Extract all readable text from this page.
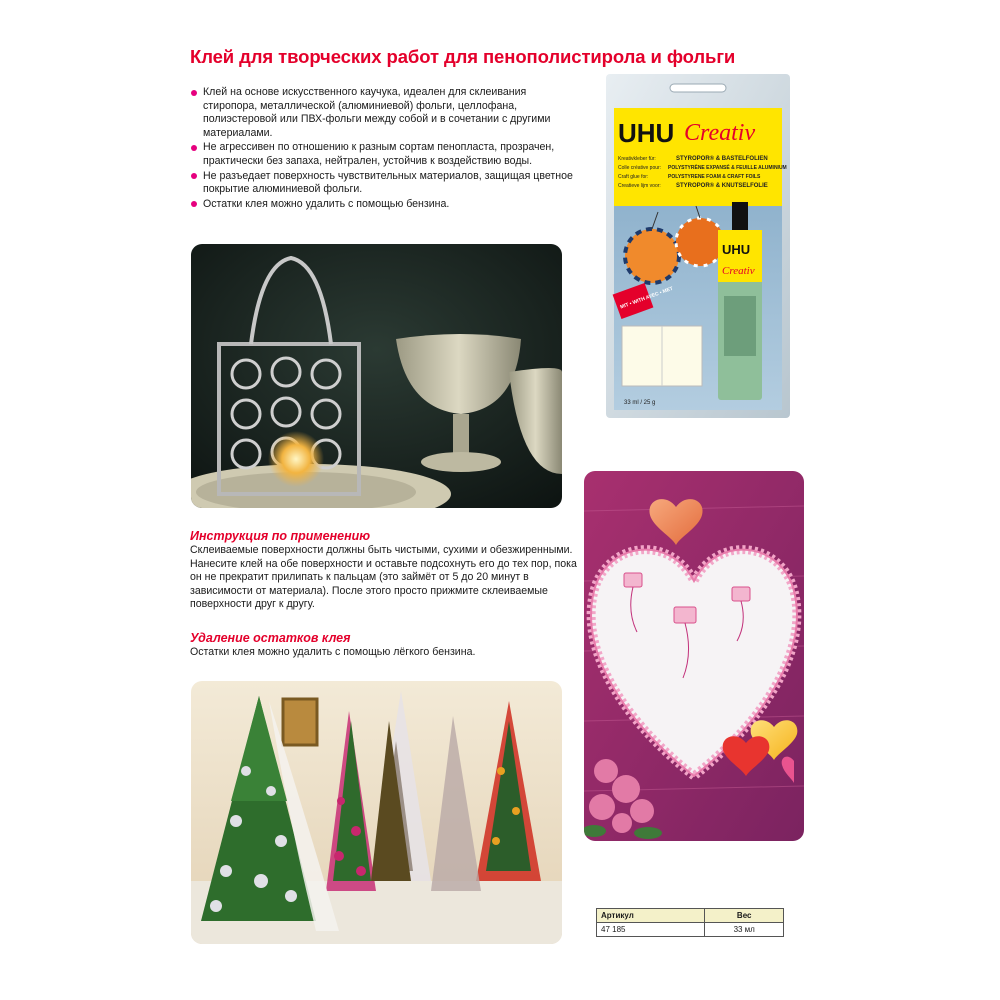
Клей для творческих работ для пенополистирола и фольги
Клей на основе искусственного каучука, идеален для склеивания стиропора, металлической (алюминиевой) фольги, целлофана, полиэстеровой или ПВХ-фольги между собой и в сочетании с другими материалами.
Не агрессивен по отношению к разным сортам пенопласта, прозрачен, практически без запаха, нейтрален, устойчив к воздействию воды.
Не разъедает поверхность чувствительных материалов, защищая цветное покрытие алюминиевой фольги.
Остатки клея можно удалить с помощью бензина.
UHU Creativ
Kreativkleber für:	STYROPOR® & BASTELFOLIEN
Colle créative pour: POLYSTYRÈNE EXPANSÉ & FEUILLE ALUMINIUM
Craft glue for:	POLYSTYRENE FOAM & CRAFT FOILS
Creatieve lijm voor:	STYROPOR® & KNUTSELFOLIE
UHU
Creativ
MIT • WITH AVEC • MET
33 ml / 25 g
Инструкция по применению

Склеиваемые поверхности должны быть чистыми, сухими и обезжиренными. Нанесите клей на обе поверхности и оставьте подсохнуть его до тех пор, пока он не прекратит прилипать к пальцам (это займёт от 5 до 20 минут в зависимости от материала). После этого просто прижмите склеиваемые поверхности друг к другу.

Удаление остатков клея

Остатки клея можно удалить с помощью лёгкого бензина.

Артикул	Вес
47 185	33 мл
